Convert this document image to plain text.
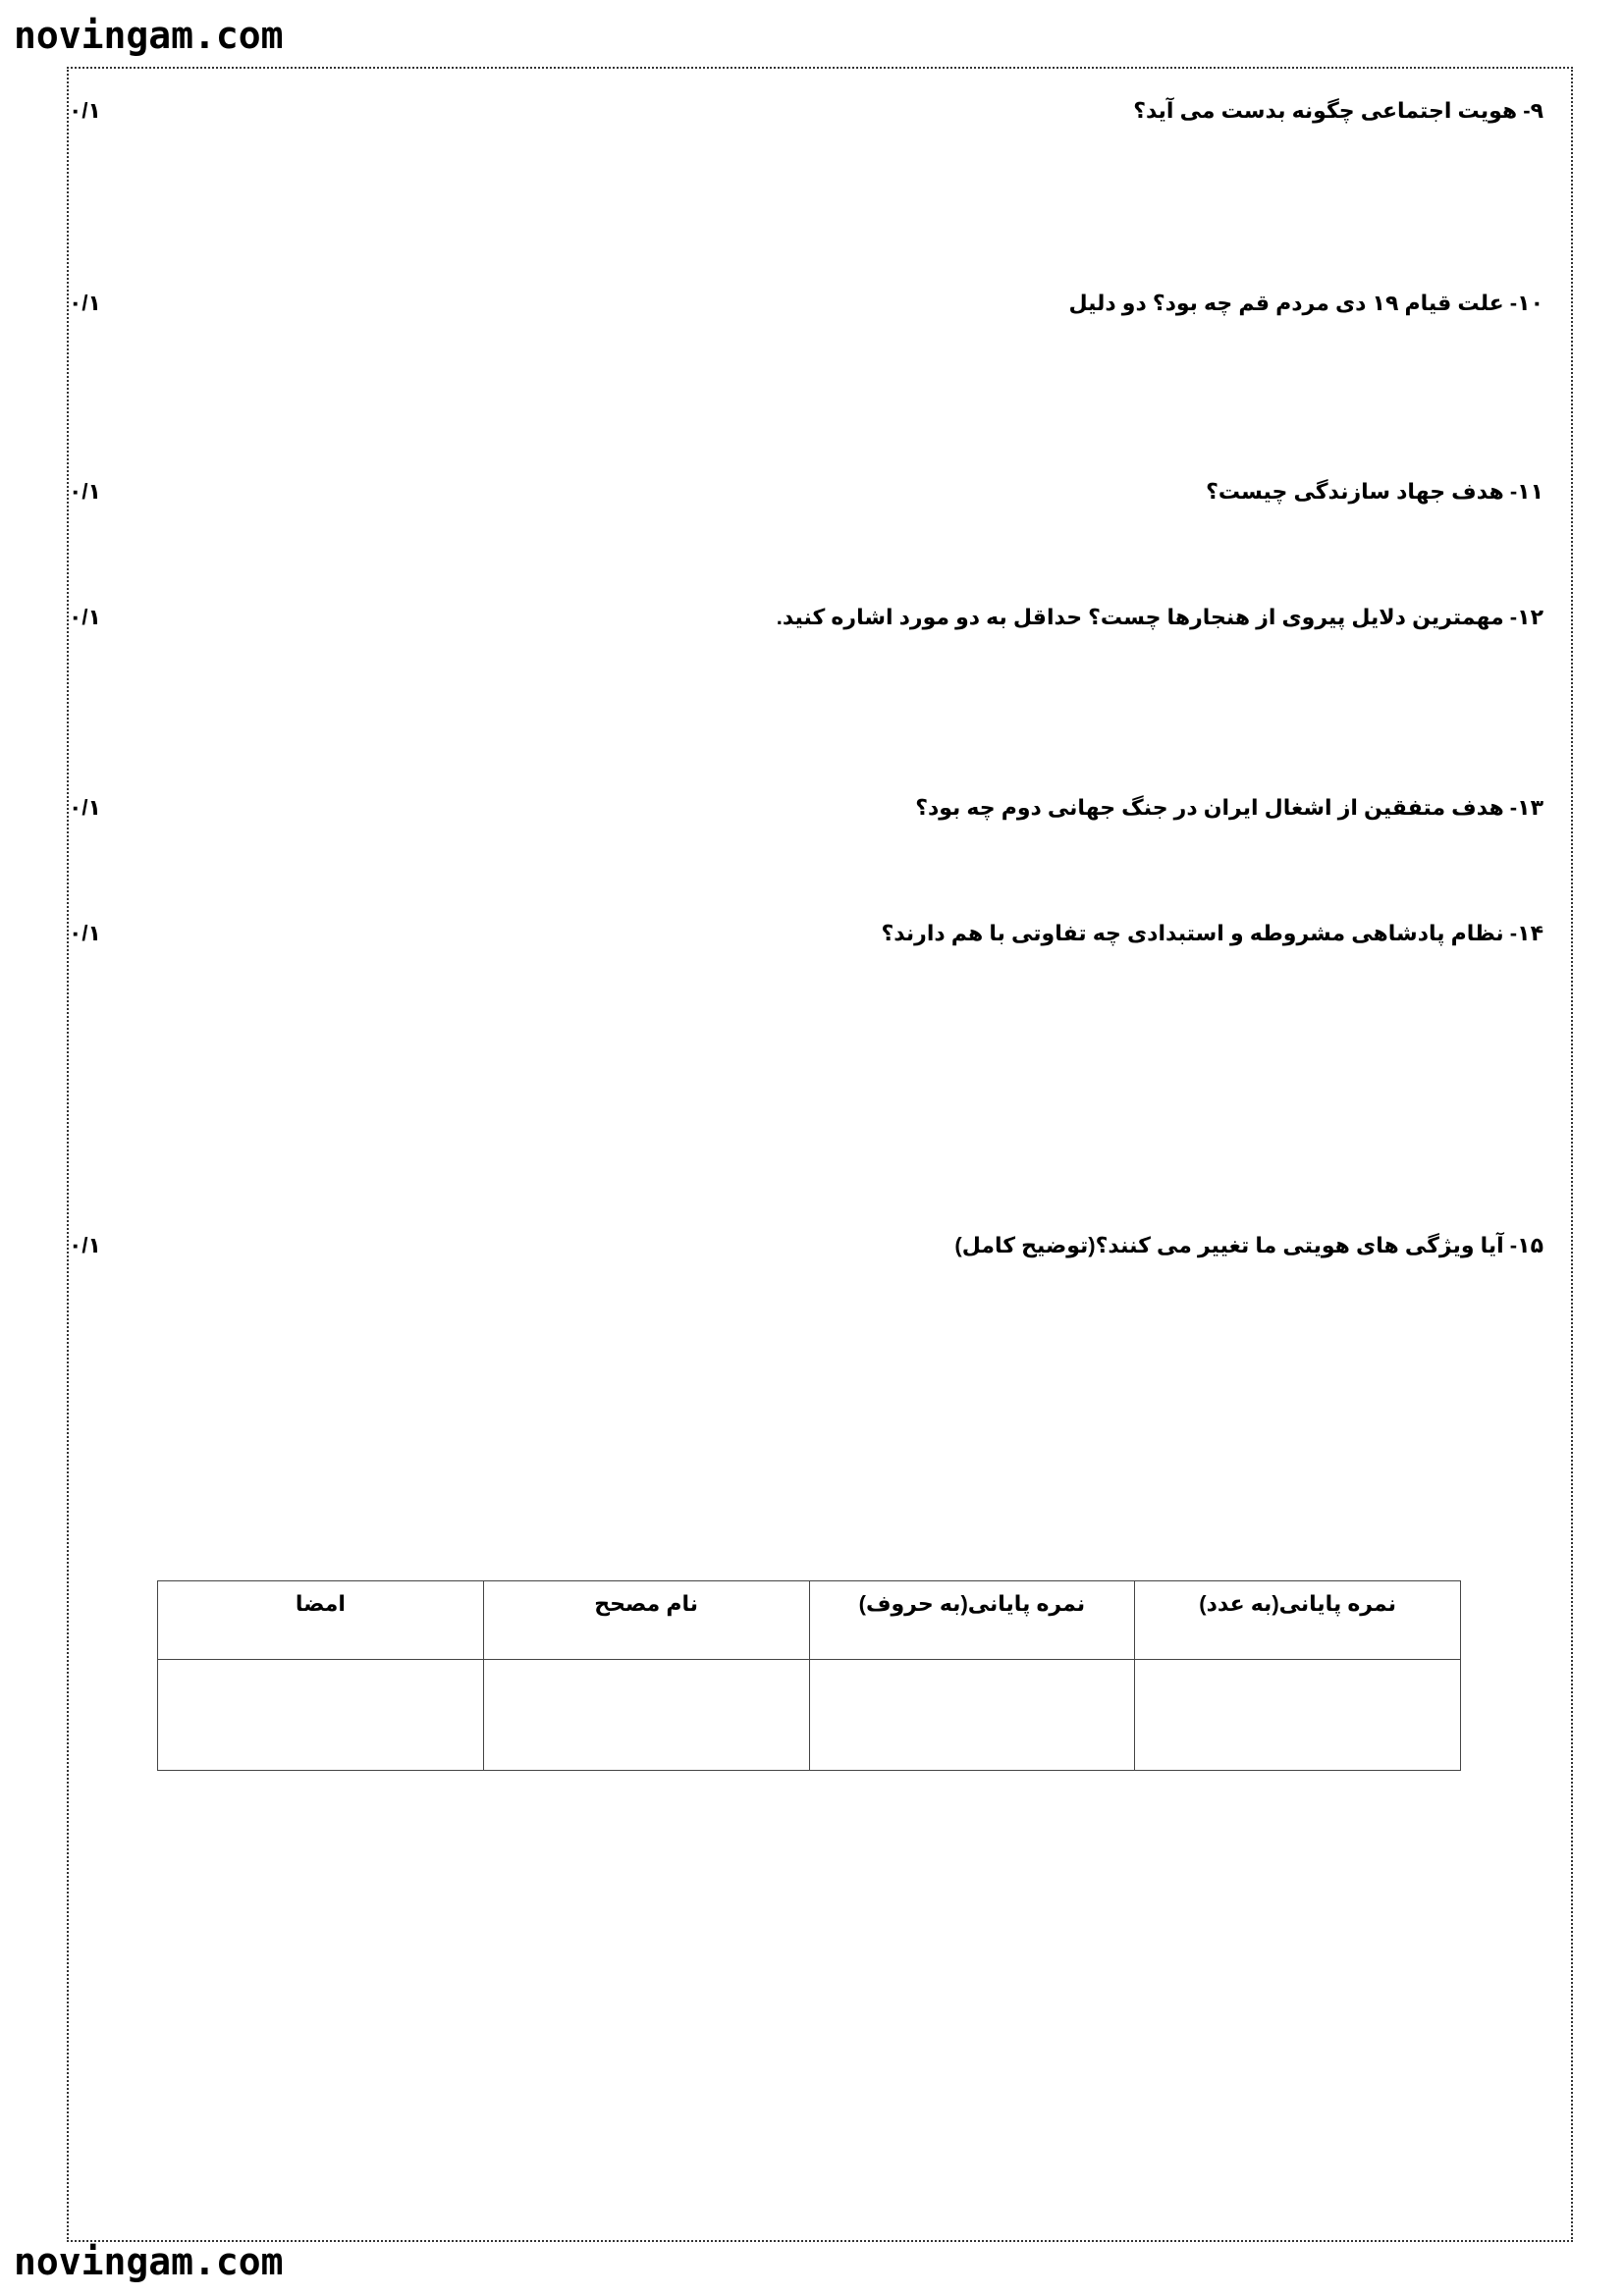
novingam.com
۰/۱	۹- هویت اجتماعی چگونه بدست می آید؟
۰/۱	۱۰- علت قیام ۱۹ دی مردم قم چه بود؟ دو دلیل
۰/۱	۱۱- هدف جهاد سازندگی چیست؟
۰/۱	۱۲- مهمترین دلایل پیروی از هنجارها چست؟ حداقل به دو مورد اشاره کنید.
۰/۱	۱۳- هدف متفقین از اشغال ایران در جنگ جهانی دوم چه بود؟
۰/۱	۱۴- نظام پادشاهی مشروطه و استبدادی چه تفاوتی با هم دارند؟
۰/۱	۱۵- آیا ویژگی های هویتی ما تغییر می کنند؟(توضیح کامل)
نمره پایانی(به عدد)	نمره پایانی(به حروف)	نام مصحح	امضا

novingam.com
